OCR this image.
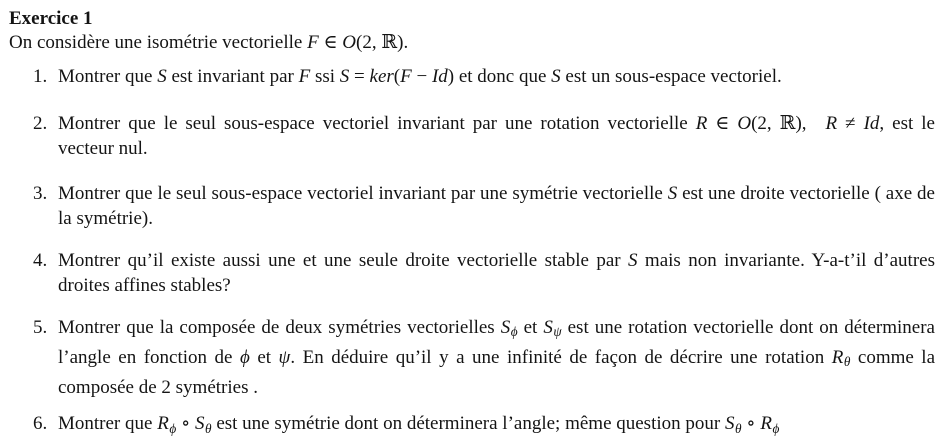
Exercice 1

On considère une isométrie vectorielle F ∈ O(2, ℝ).

1. Montrer que S est invariant par F ssi S = ker(F − Id) et donc que S est un sous-espace vectoriel.
2. Montrer que le seul sous-espace vectoriel invariant par une rotation vectorielle R ∈ O(2, ℝ), R ≠ Id, est le vecteur nul.
3. Montrer que le seul sous-espace vectoriel invariant par une symétrie vectorielle S est une droite vectorielle ( axe de la symétrie).
4. Montrer qu’il existe aussi une et une seule droite vectorielle stable par S mais non invariante. Y-a-t’il d’autres droites affines stables?
5. Montrer que la composée de deux symétries vectorielles Sϕ et Sψ est une rotation vectorielle dont on déterminera l’angle en fonction de ϕ et ψ. En déduire qu’il y a une infinité de façon de décrire une rotation Rθ comme la composée de 2 symétries .
6. Montrer que Rϕ ∘ Sθ est une symétrie dont on déterminera l’angle; même question pour Sθ ∘ Rϕ
